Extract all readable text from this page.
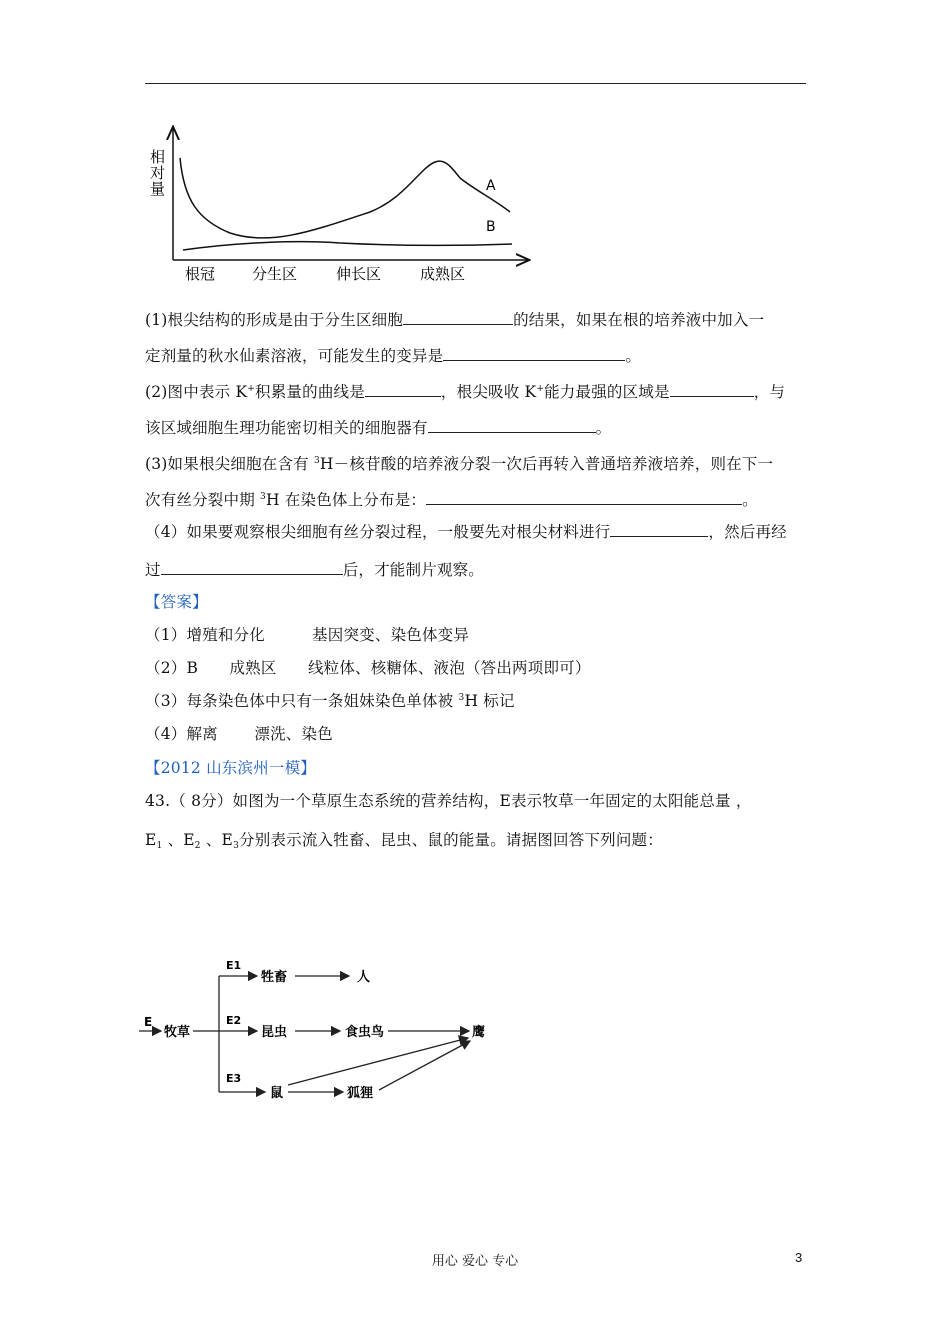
相
对
量	A
B
根冠 分生区	伸长区	成熟区
(1)根尖结构的形成是由于分生区细胞	的结果，如果在根的培养液中加入一
定剂量的秋水仙素溶液，可能发生的变异是	。
(2)图中表示 K+积累量的曲线是	，根尖吸收 K+能力最强的区域是	，与
该区域细胞生理功能密切相关的细胞器有	。
(3)如果根尖细胞在含有 $^3$H－核苷酸的培养液分裂一次后再转入普通培养液培养，则在下一
次有丝分裂中期 $^3$H 在染色体上分布是：	。
（4）如果要观察根尖细胞有丝分裂过程，一般要先对根尖材料进行	，然后再经
过	后，才能制片观察。
【答案】
（1）增殖和分化　　　基因突变、染色体变异
（2）B　　成熟区　　线粒体、核糖体、液泡（答出两项即可）
（3）每条染色体中只有一条姐妹染色单体被 $^3$H 标记
（4）解离　　 漂洗、染色
【2012 山东滨州一模】
43.（ 8分）如图为一个草原生态系统的营养结构，E表示牧草一年固定的太阳能总量 ，
$E_1$ 、$E_2$ 、$E_3$分别表示流入牲畜、昆虫、鼠的能量。请据图回答下列问题：
E
牧草
E1
E2
E3
牲畜	人
昆虫	食虫鸟	鹰
鼠	狐狸
用心 爱心 专心	3
